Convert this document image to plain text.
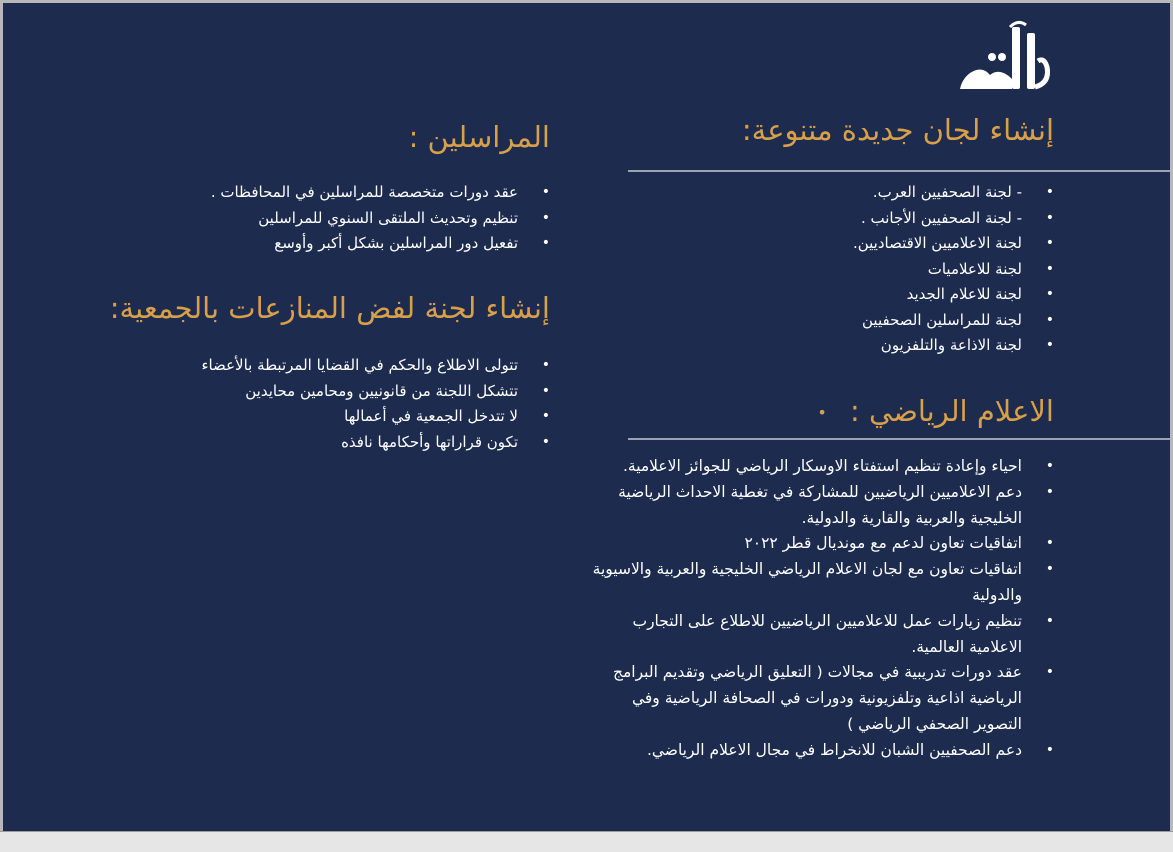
إنشاء لجان جديدة متنوعة:
• - لجنة الصحفيين العرب.
• - لجنة الصحفيين الأجانب .
• لجنة الاعلاميين الاقتصاديين.
• لجنة للاعلاميات
• لجنة للاعلام الجديد
• لجنة للمراسلين الصحفيين
• لجنة الاذاعة والتلفزيون
الاعلام الرياضي : •
• احياء وإعادة تنظيم استفتاء الاوسكار الرياضي للجوائز الاعلامية.
• دعم الاعلاميين الرياضيين للمشاركة في تغطية الاحداث الرياضية الخليجية والعربية والقارية والدولية.
• اتفاقيات تعاون لدعم مع مونديال قطر ٢٠٢٢
• اتفاقيات تعاون مع لجان الاعلام الرياضي الخليجية والعربية والاسيوية والدولية
• تنظيم زيارات عمل للاعلاميين الرياضيين للاطلاع على التجارب الاعلامية العالمية.
• عقد دورات تدريبية في مجالات ( التعليق الرياضي وتقديم البرامج الرياضية اذاعية وتلفزيونية ودورات في الصحافة الرياضية وفي التصوير الصحفي الرياضي )
• دعم الصحفيين الشبان للانخراط في مجال الاعلام الرياضي.
المراسلين :
• عقد دورات متخصصة للمراسلين في المحافظات .
• تنظيم وتحديث الملتقى السنوي للمراسلين
• تفعيل دور المراسلين بشكل أكبر وأوسع
إنشاء لجنة لفض المنازعات بالجمعية:
• تتولى الاطلاع والحكم في القضايا المرتبطة بالأعضاء
• تتشكل اللجنة من قانونيين ومحامين محايدين
• لا تتدخل الجمعية في أعمالها
• تكون قراراتها وأحكامها نافذه
